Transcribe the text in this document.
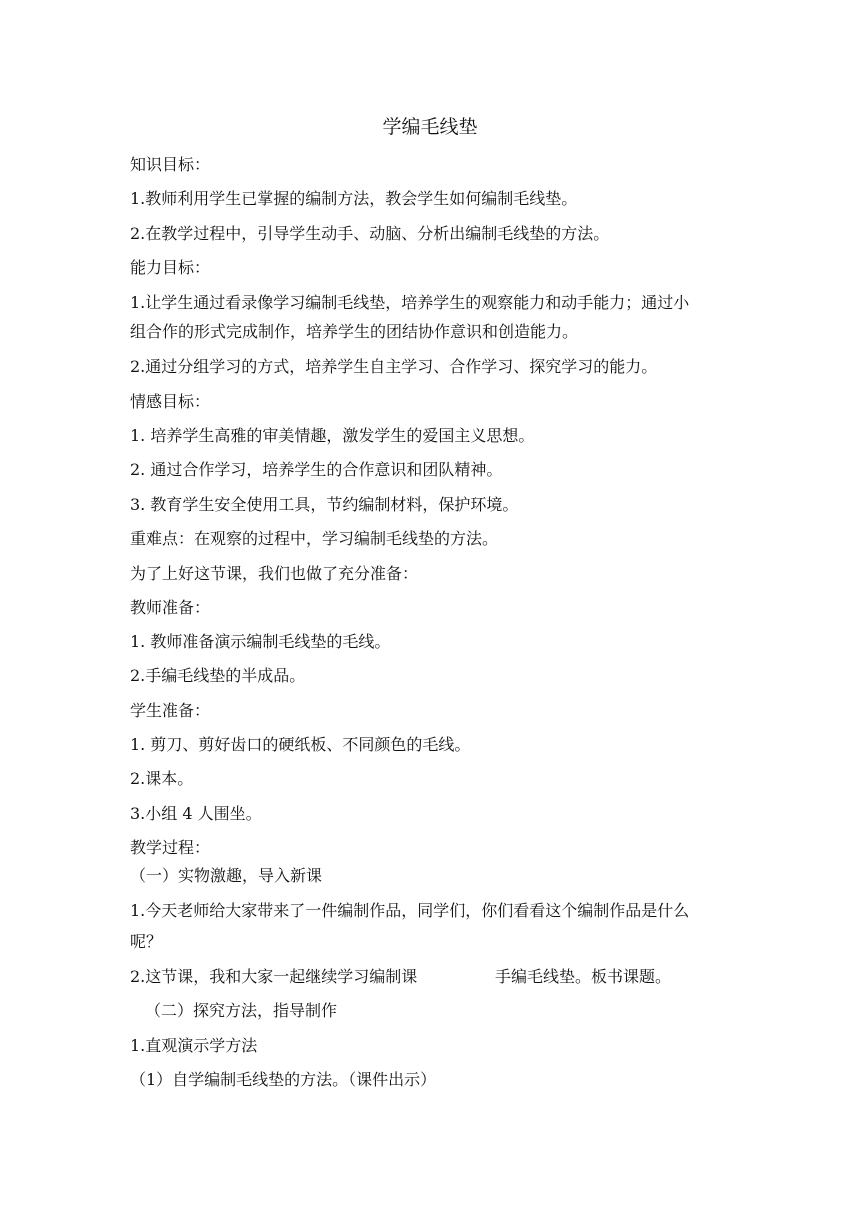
学编毛线垫
知识目标：
1.教师利用学生已掌握的编制方法，教会学生如何编制毛线垫。
2.在教学过程中，引导学生动手、动脑、分析出编制毛线垫的方法。
能力目标：
1.让学生通过看录像学习编制毛线垫，培养学生的观察能力和动手能力；通过小
组合作的形式完成制作，培养学生的团结协作意识和创造能力。
2.通过分组学习的方式，培养学生自主学习、合作学习、探究学习的能力。
情感目标：
1. 培养学生高雅的审美情趣，激发学生的爱国主义思想。
2. 通过合作学习，培养学生的合作意识和团队精神。
3. 教育学生安全使用工具，节约编制材料，保护环境。
重难点：在观察的过程中，学习编制毛线垫的方法。
为了上好这节课，我们也做了充分准备：
教师准备：
1. 教师准备演示编制毛线垫的毛线。
2.手编毛线垫的半成品。
学生准备：
1. 剪刀、剪好齿口的硬纸板、不同颜色的毛线。
2.课本。
3.小组 4 人围坐。
教学过程：
（一）实物激趣，导入新课
1.今天老师给大家带来了一件编制作品，同学们，你们看看这个编制作品是什么
呢？
2.这节课，我和大家一起继续学习编制课	手编毛线垫。板书课题。
（二）探究方法，指导制作
1.直观演示学方法
（1）自学编制毛线垫的方法。（课件出示）
